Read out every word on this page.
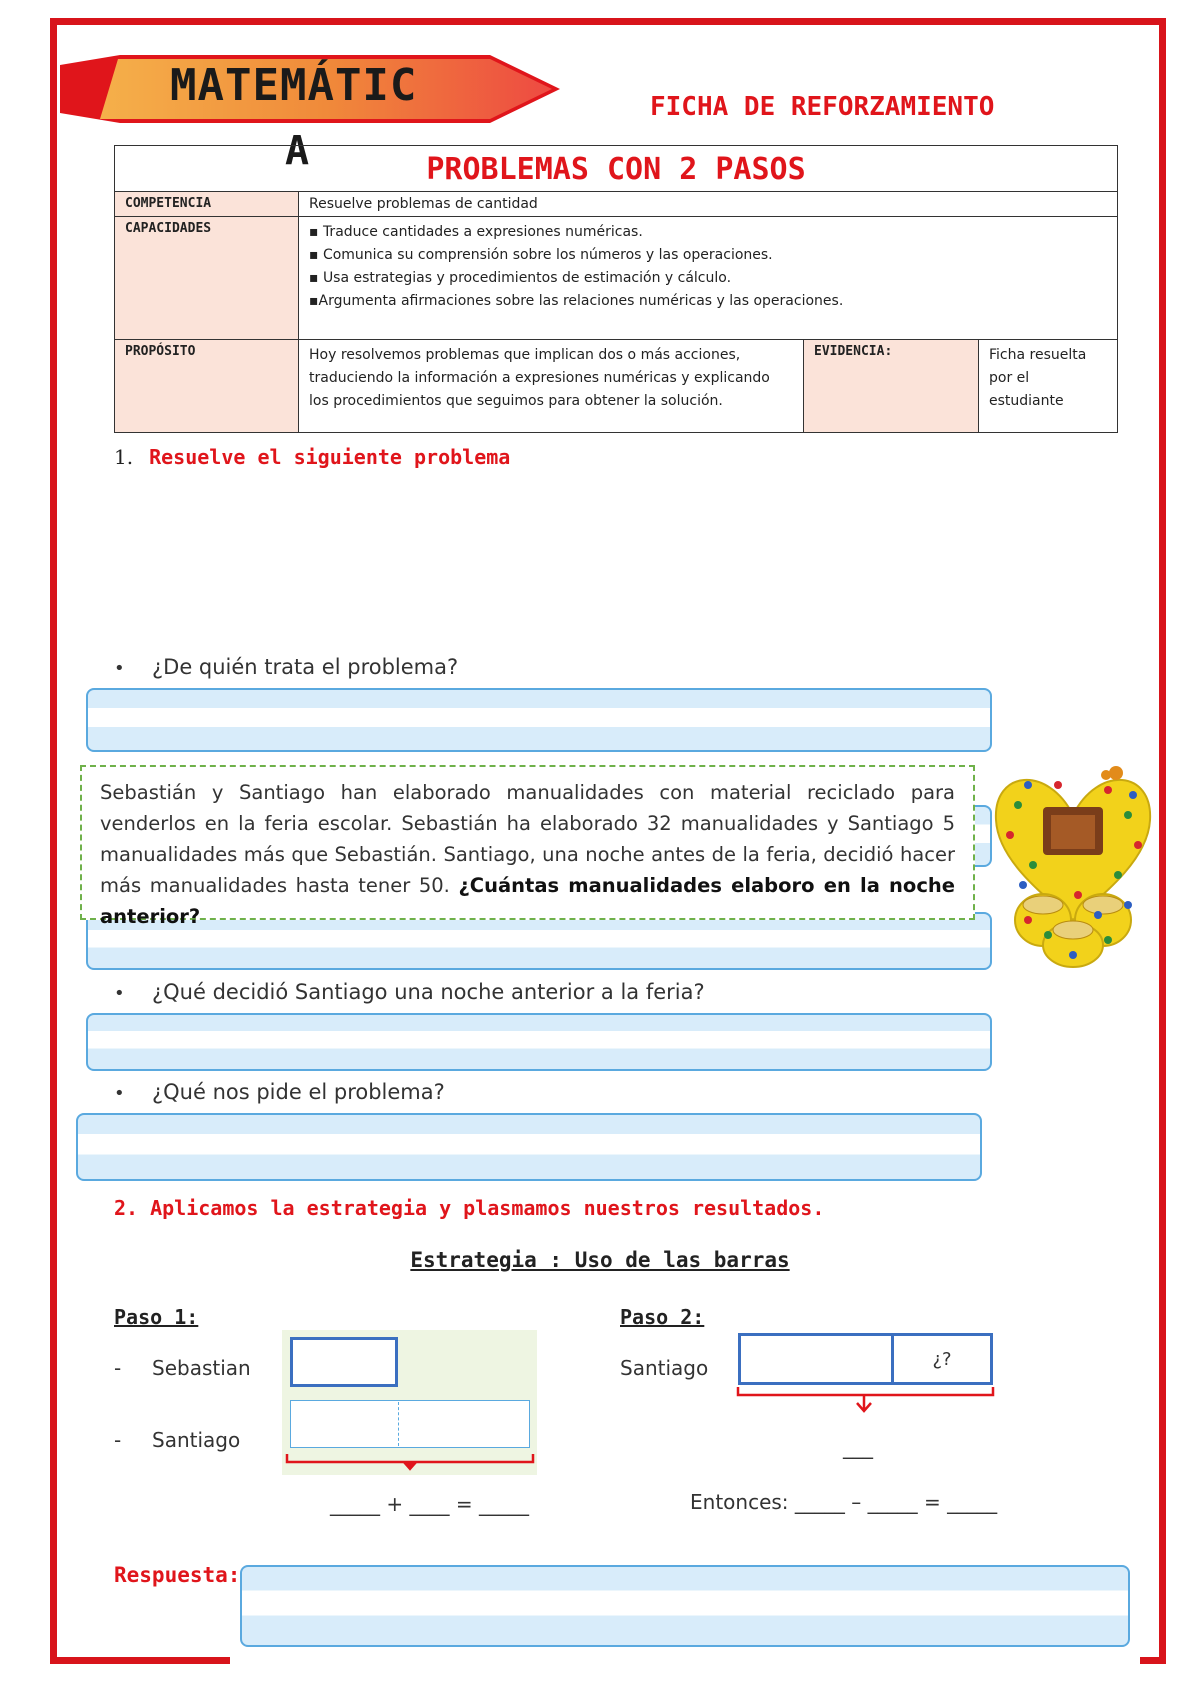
MATEMÁTIC
A
FICHA DE REFORZAMIENTO
PROBLEMAS CON 2 PASOS			
COMPETENCIA	Resuelve problemas de cantidad		
CAPACIDADES	▪ Traduce cantidades a expresiones numéricas.
▪ Comunica su comprensión sobre los números y las operaciones.
▪ Usa estrategias y procedimientos de estimación y cálculo.
▪Argumenta afirmaciones sobre las relaciones numéricas y las operaciones.		

PROPÓSITO	Hoy resolvemos problemas que implican dos o más acciones, traduciendo la información a expresiones numéricas y explicando los procedimientos que seguimos para obtener la solución.	EVIDENCIA:	Ficha resuelta por el estudiante
1. Resuelve el siguiente problema
• ¿De quién trata el problema?
Sebastián y Santiago han elaborado manualidades con material reciclado para venderlos en la feria escolar. Sebastián ha elaborado 32 manualidades y Santiago 5 manualidades más que Sebastián. Santiago, una noche antes de la feria, decidió hacer más manualidades hasta tener 50. ¿Cuántas manualidades elaboro en la noche anterior?
• ¿Qué decidió Santiago una noche anterior a la feria?
• ¿Qué nos pide el problema?
2. Aplicamos la estrategia y plasmamos nuestros resultados.
Estrategia : Uso de las barras
Paso 1:
- Sebastian
- Santiago
_____ + ____ = _____
Paso 2:
Santiago	¿?
___
Entonces: _____ – _____ = _____
Respuesta:
